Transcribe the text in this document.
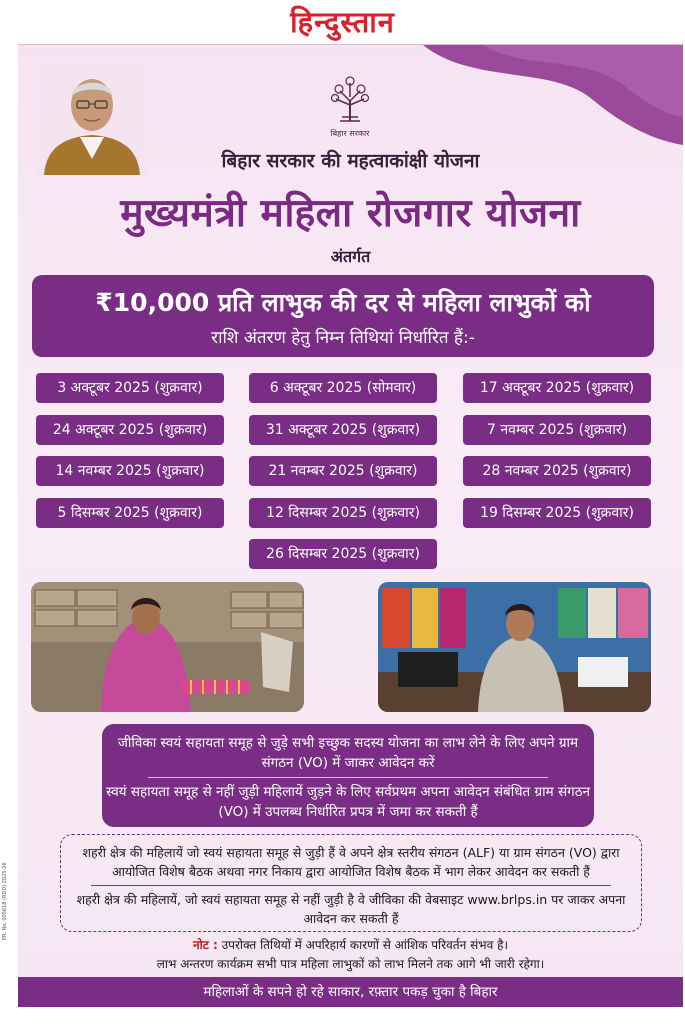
हिन्दुस्तान
बिहार सरकार
बिहार सरकार की महत्वाकांक्षी योजना
मुख्यमंत्री महिला रोजगार योजना
अंतर्गत
₹10,000 प्रति लाभुक की दर से महिला लाभुकों को
राशि अंतरण हेतु निम्न तिथियां निर्धारित हैं:-
3 अक्टूबर 2025 (शुक्रवार)	6 अक्टूबर 2025 (सोमवार)	17 अक्टूबर 2025 (शुक्रवार)
24 अक्टूबर 2025 (शुक्रवार)	31 अक्टूबर 2025 (शुक्रवार)	7 नवम्बर 2025 (शुक्रवार)
14 नवम्बर 2025 (शुक्रवार)	21 नवम्बर 2025 (शुक्रवार)	28 नवम्बर 2025 (शुक्रवार)
5 दिसम्बर 2025 (शुक्रवार)	12 दिसम्बर 2025 (शुक्रवार)	19 दिसम्बर 2025 (शुक्रवार)
26 दिसम्बर 2025 (शुक्रवार)
जीविका स्वयं सहायता समूह से जुड़े सभी इच्छुक सदस्य योजना का लाभ लेने के लिए अपने ग्राम संगठन (VO) में जाकर आवेदन करें
स्वयं सहायता समूह से नहीं जुड़ी महिलायें जुड़ने के लिए सर्वप्रथम अपना आवेदन संबंधित ग्राम संगठन (VO) में उपलब्ध निर्धारित प्रपत्र में जमा कर सकती हैं
शहरी क्षेत्र की महिलायें जो स्वयं सहायता समूह से जुड़ी हैं वे अपने क्षेत्र स्तरीय संगठन (ALF) या ग्राम संगठन (VO) द्वारा आयोजित विशेष बैठक अथवा नगर निकाय द्वारा आयोजित विशेष बैठक में भाग लेकर आवेदन कर सकती हैं
शहरी क्षेत्र की महिलायें, जो स्वयं सहायता समूह से नहीं जुड़ी है वे जीविका की वेबसाइट www.brlps.in पर जाकर अपना आवेदन कर सकती हैं
नोट : उपरोक्त तिथियों में अपरिहार्य कारणों से आंशिक परिवर्तन संभव है।
लाभ अन्तरण कार्यक्रम सभी पात्र महिला लाभुकों को लाभ मिलने तक आगे भी जारी रहेगा।
महिलाओं के सपने हो रहे साकार, रफ़्तार पकड़ चुका है बिहार
PR. No. 005618 (RDD) 2025-26
